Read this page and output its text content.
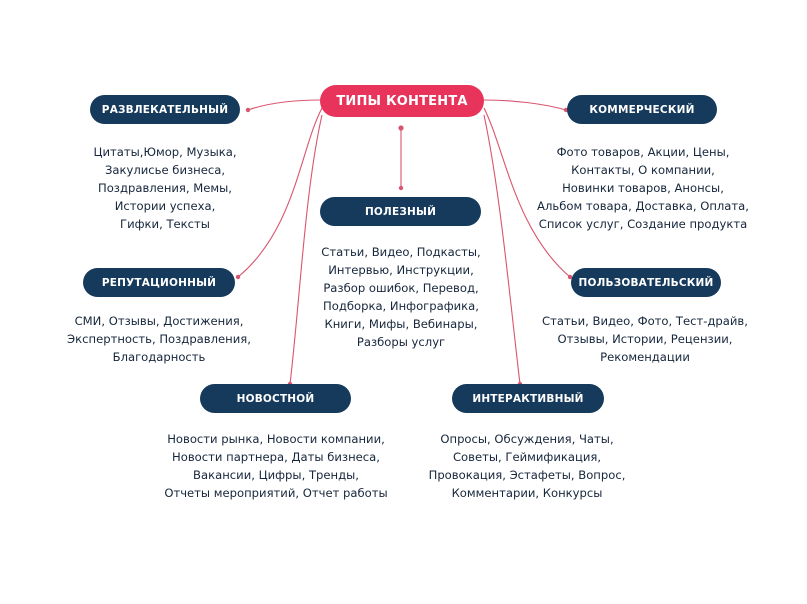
ТИПЫ КОНТЕНТА
РАЗВЛЕКАТЕЛЬНЫЙ
Цитаты,Юмор, Музыка,
Закулисье бизнеса,
Поздравления, Мемы,
Истории успеха,
Гифки, Тексты
КОММЕРЧЕСКИЙ
Фото товаров, Акции, Цены,
Контакты, О компании,
Новинки товаров, Анонсы,
Альбом товара, Доставка, Оплата,
Список услуг, Создание продукта
ПОЛЕЗНЫЙ
Статьи, Видео, Подкасты,
Интервью, Инструкции,
Разбор ошибок, Перевод,
Подборка, Инфографика,
Книги, Мифы, Вебинары,
Разборы услуг
РЕПУТАЦИОННЫЙ
СМИ, Отзывы, Достижения,
Экспертность, Поздравления,
Благодарность
ПОЛЬЗОВАТЕЛЬСКИЙ
Статьи, Видео, Фото, Тест-драйв,
Отзывы, Истории, Рецензии,
Рекомендации
НОВОСТНОЙ
Новости рынка, Новости компании,
Новости партнера, Даты бизнеса,
Вакансии, Цифры, Тренды,
Отчеты мероприятий, Отчет работы
ИНТЕРАКТИВНЫЙ
Опросы, Обсуждения, Чаты,
Советы, Геймификация,
Провокация, Эстафеты, Вопрос,
Комментарии, Конкурсы
